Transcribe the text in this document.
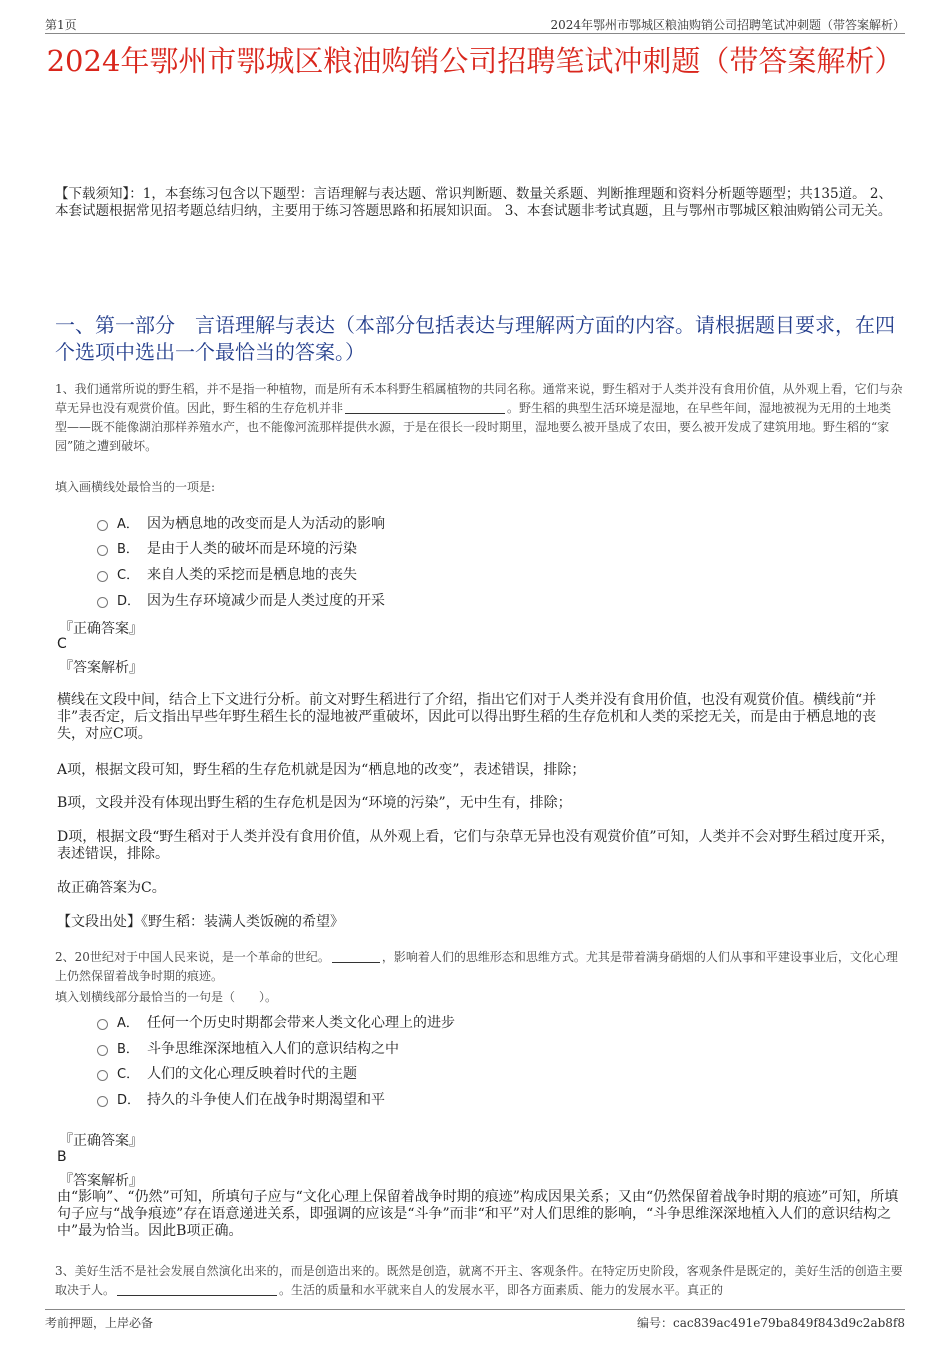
第1页	2024年鄂州市鄂城区粮油购销公司招聘笔试冲刺题（带答案解析）
2024年鄂州市鄂城区粮油购销公司招聘笔试冲刺题（带答案解析）
【下载须知】：1，本套练习包含以下题型：言语理解与表达题、常识判断题、数量关系题、判断推理题和资料分析题等题型；共135道。 2、本套试题根据常见招考题总结归纳，主要用于练习答题思路和拓展知识面。 3、本套试题非考试真题，且与鄂州市鄂城区粮油购销公司无关。
一、第一部分　言语理解与表达（本部分包括表达与理解两方面的内容。请根据题目要求，在四个选项中选出一个最恰当的答案。）
1、我们通常所说的野生稻，并不是指一种植物，而是所有禾本科野生稻属植物的共同名称。通常来说，野生稻对于人类并没有食用价值，从外观上看，它们与杂草无异也没有观赏价值。因此，野生稻的生存危机并非	。野生稻的典型生活环境是湿地，在早些年间，湿地被视为无用的土地类型——既不能像湖泊那样养殖水产，也不能像河流那样提供水源，于是在很长一段时期里，湿地要么被开垦成了农田，要么被开发成了建筑用地。野生稻的“家园”随之遭到破坏。
填入画横线处最恰当的一项是:
A． 因为栖息地的改变而是人为活动的影响
B． 是由于人类的破坏而是环境的污染
C． 来自人类的采挖而是栖息地的丧失
D． 因为生存环境减少而是人类过度的开采
『正确答案』
C
『答案解析』
横线在文段中间，结合上下文进行分析。前文对野生稻进行了介绍，指出它们对于人类并没有食用价值，也没有观赏价值。横线前“并非”表否定，后文指出早些年野生稻生长的湿地被严重破坏，因此可以得出野生稻的生存危机和人类的采挖无关，而是由于栖息地的丧失，对应C项。
A项，根据文段可知，野生稻的生存危机就是因为“栖息地的改变”，表述错误，排除；
B项，文段并没有体现出野生稻的生存危机是因为“环境的污染”，无中生有，排除；
D项，根据文段“野生稻对于人类并没有食用价值，从外观上看，它们与杂草无异也没有观赏价值”可知，人类并不会对野生稻过度开采，表述错误，排除。
故正确答案为C。
【文段出处】《野生稻：装满人类饭碗的希望》
2、20世纪对于中国人民来说，是一个革命的世纪。	，影响着人们的思维形态和思维方式。尤其是带着满身硝烟的人们从事和平建设事业后，文化心理上仍然保留着战争时期的痕迹。
填入划横线部分最恰当的一句是（　　）。
A． 任何一个历史时期都会带来人类文化心理上的进步
B． 斗争思维深深地植入人们的意识结构之中
C． 人们的文化心理反映着时代的主题
D． 持久的斗争使人们在战争时期渴望和平
『正确答案』
B
『答案解析』
由“影响”、“仍然”可知，所填句子应与“文化心理上保留着战争时期的痕迹”构成因果关系；又由“仍然保留着战争时期的痕迹”可知，所填句子应与“战争痕迹”存在语意递进关系，即强调的应该是“斗争”而非“和平”对人们思维的影响，“斗争思维深深地植入人们的意识结构之中”最为恰当。因此B项正确。
3、美好生活不是社会发展自然演化出来的，而是创造出来的。既然是创造，就离不开主、客观条件。在特定历史阶段，客观条件是既定的，美好生活的创造主要取决于人。	。生活的质量和水平就来自人的发展水平，即各方面素质、能力的发展水平。真正的
考前押题，上岸必备	编号：cac839ac491e79ba849f843d9c2ab8f8
